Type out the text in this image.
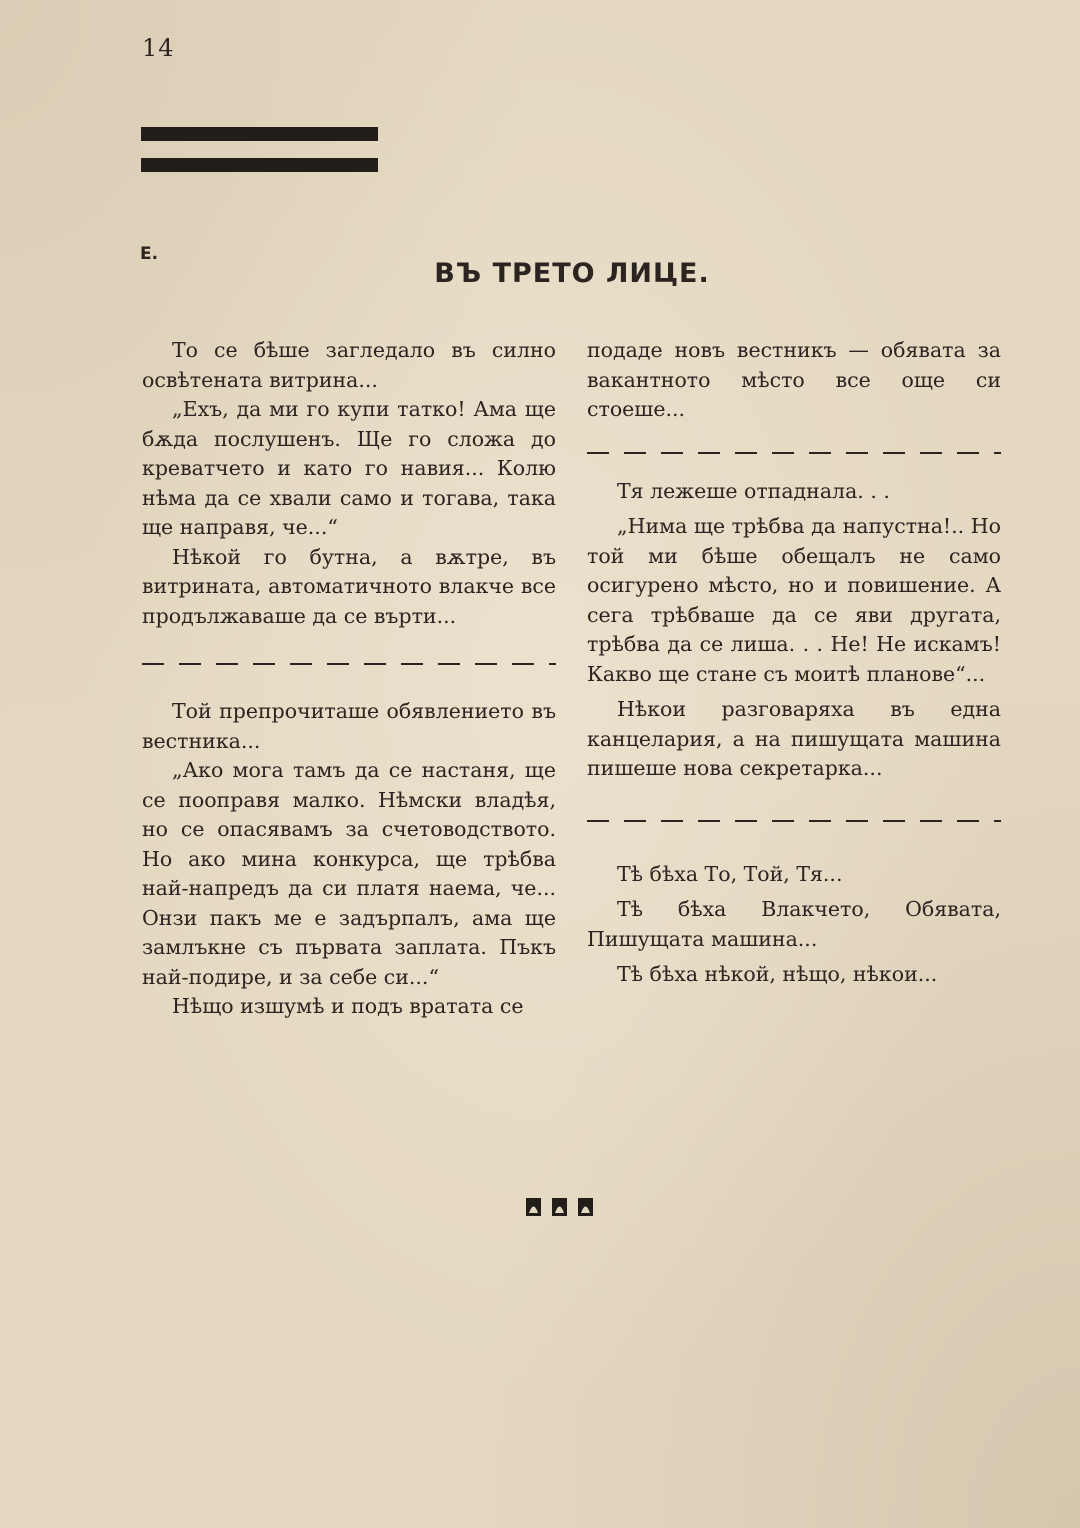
14
Е.
ВЪ ТРЕТО ЛИЦЕ.

То се бѣше загледало въ силно освѣтената витрина...

„Ехъ, да ми го купи татко! Ама ще бѫда послушенъ. Ще го сложа до креватчето и като го навия... Колю нѣма да се хвали само и тогава, така ще направя, че...“

Нѣкой го бутна, а вѫтре, въ витрината, автоматичното влакче все продължаваше да се върти...

Той препрочиташе обявлението въ вестника...

„Ако мога тамъ да се настаня, ще се пооправя малко. Нѣмски владѣя, но се опасявамъ за счетоводството. Но ако мина конкурса, ще трѣбва най-напредъ да си платя наема, че... Онзи пакъ ме е задърпалъ, ама ще замлъкне съ първата заплата. Пъкъ най-подире, и за себе си...“

Нѣщо изшумѣ и подъ вратата се

подаде новъ вестникъ — обявата за вакантното мѣсто все още си стоеше...

Тя лежеше отпаднала. . .

„Нима ще трѣбва да напустна!.. Но той ми бѣше обещалъ не само осигурено мѣсто, но и повишение. А сега трѣбваше да се яви другата, трѣбва да се лиша. . . Не! Не искамъ! Какво ще стане съ моитѣ планове“...

Нѣкои разговаряха въ една канцелария, а на пишущата машина пишеше нова секретарка...

Тѣ бѣха То, Той, Тя...

Тѣ бѣха Влакчето, Обявата, Пишущата машина...

Тѣ бѣха нѣкой, нѣщо, нѣкои...
